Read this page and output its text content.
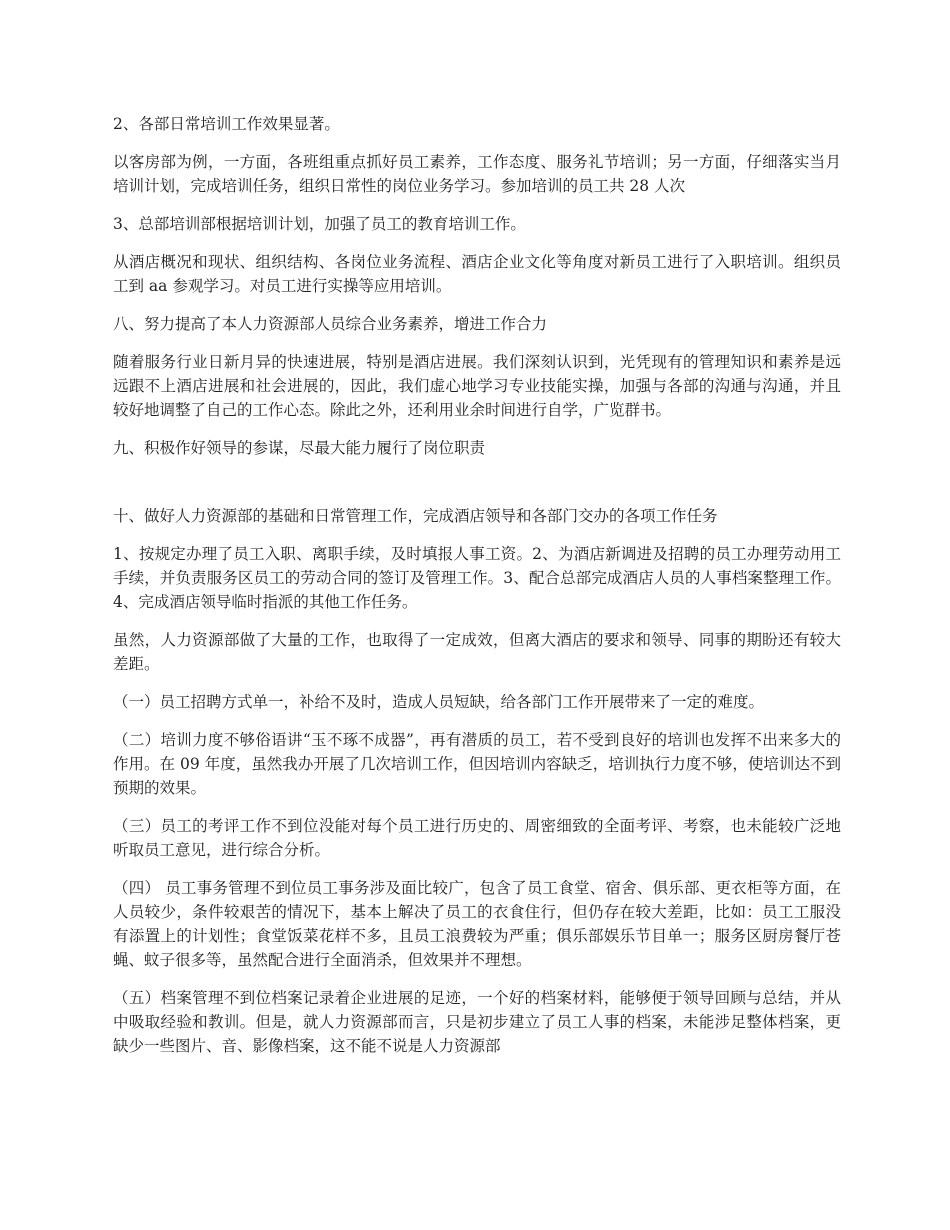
2、各部日常培训工作效果显著。

以客房部为例，一方面，各班组重点抓好员工素养，工作态度、服务礼节培训；另一方面，仔细落实当月培训计划，完成培训任务，组织日常性的岗位业务学习。参加培训的员工共 28 人次

3、总部培训部根据培训计划，加强了员工的教育培训工作。

从酒店概况和现状、组织结构、各岗位业务流程、酒店企业文化等角度对新员工进行了入职培训。组织员工到 aa 参观学习。对员工进行实操等应用培训。

八、努力提高了本人力资源部人员综合业务素养，增进工作合力

随着服务行业日新月异的快速进展，特别是酒店进展。我们深刻认识到，光凭现有的管理知识和素养是远远跟不上酒店进展和社会进展的，因此，我们虚心地学习专业技能实操，加强与各部的沟通与沟通，并且较好地调整了自己的工作心态。除此之外，还利用业余时间进行自学，广览群书。

九、积极作好领导的参谋，尽最大能力履行了岗位职责

十、做好人力资源部的基础和日常管理工作，完成酒店领导和各部门交办的各项工作任务

1、按规定办理了员工入职、离职手续，及时填报人事工资。2、为酒店新调进及招聘的员工办理劳动用工手续，并负责服务区员工的劳动合同的签订及管理工作。3、配合总部完成酒店人员的人事档案整理工作。4、完成酒店领导临时指派的其他工作任务。

虽然，人力资源部做了大量的工作，也取得了一定成效，但离大酒店的要求和领导、同事的期盼还有较大差距。

（一）员工招聘方式单一，补给不及时，造成人员短缺，给各部门工作开展带来了一定的难度。

（二）培训力度不够俗语讲“玉不琢不成器”，再有潜质的员工，若不受到良好的培训也发挥不出来多大的作用。在 09 年度，虽然我办开展了几次培训工作，但因培训内容缺乏，培训执行力度不够，使培训达不到预期的效果。

（三）员工的考评工作不到位没能对每个员工进行历史的、周密细致的全面考评、考察，也未能较广泛地听取员工意见，进行综合分析。

（四） 员工事务管理不到位员工事务涉及面比较广，包含了员工食堂、宿舍、俱乐部、更衣柜等方面，在人员较少，条件较艰苦的情况下，基本上解决了员工的衣食住行，但仍存在较大差距，比如：员工工服没有添置上的计划性；食堂饭菜花样不多，且员工浪费较为严重；俱乐部娱乐节目单一；服务区厨房餐厅苍蝇、蚊子很多等，虽然配合进行全面消杀，但效果并不理想。

（五）档案管理不到位档案记录着企业进展的足迹，一个好的档案材料，能够便于领导回顾与总结，并从中吸取经验和教训。但是，就人力资源部而言，只是初步建立了员工人事的档案，未能涉足整体档案，更缺少一些图片、音、影像档案，这不能不说是人力资源部
